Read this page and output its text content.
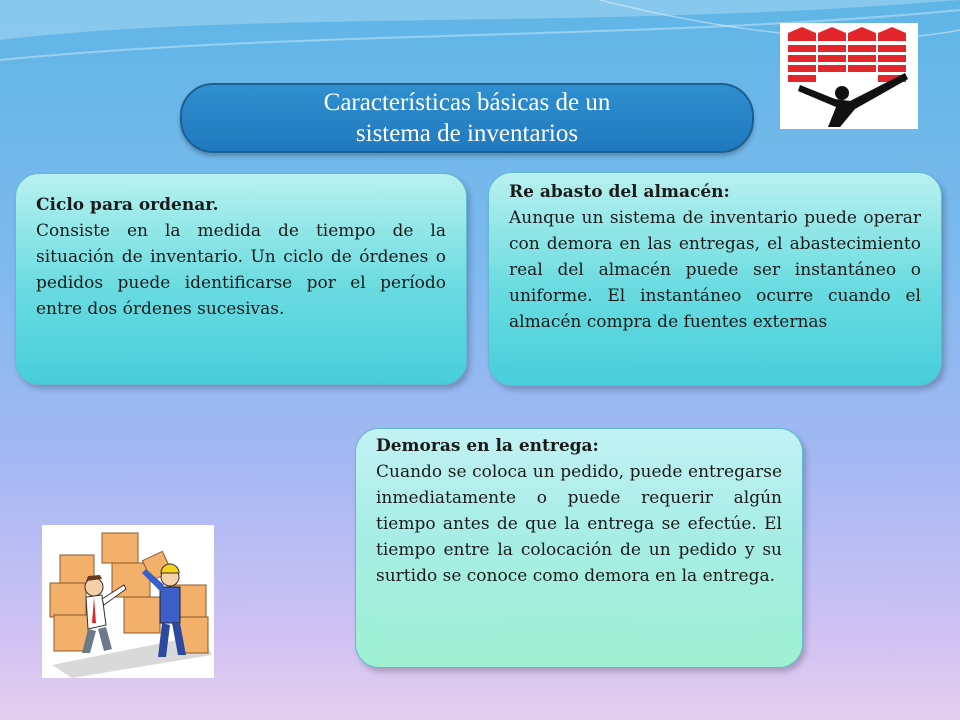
Características básicas de un
sistema de inventarios
Ciclo para ordenar.
Consiste en la medida de tiempo de la situación de inventario. Un ciclo de órdenes o pedidos puede identificarse por el período entre dos órdenes sucesivas.
Re abasto del almacén:
Aunque un sistema de inventario puede operar con demora en las entregas, el abastecimiento real del almacén puede ser instantáneo o uniforme. El instantáneo ocurre cuando el almacén compra de fuentes externas
Demoras en la entrega:
Cuando se coloca un pedido, puede entregarse inmediatamente o puede requerir algún tiempo antes de que la entrega se efectúe. El tiempo entre la colocación de un pedido y su surtido se conoce como demora en la entrega.
